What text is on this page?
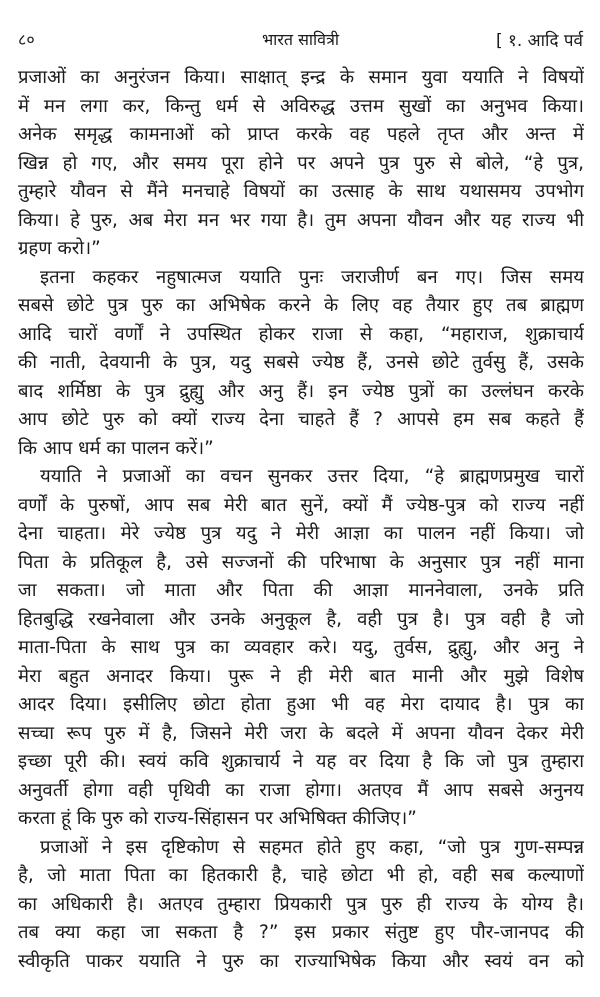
८०	भारत सावित्री	[ १. आदि पर्व
प्रजाओं का अनुरंजन किया। साक्षात् इन्द्र के समान युवा ययाति ने विषयों
में मन लगा कर, किन्तु धर्म से अविरुद्ध उत्तम सुखों का अनुभव किया।
अनेक समृद्ध कामनाओं को प्राप्त करके वह पहले तृप्त और अन्त में
खिन्न हो गए, और समय पूरा होने पर अपने पुत्र पुरु से बोले, “हे पुत्र,
तुम्हारे यौवन से मैंने मनचाहे विषयों का उत्साह के साथ यथासमय उपभोग
किया। हे पुरु, अब मेरा मन भर गया है। तुम अपना यौवन और यह राज्य भी
ग्रहण करो।”
इतना कहकर नहुषात्मज ययाति पुनः जराजीर्ण बन गए। जिस समय
सबसे छोटे पुत्र पुरु का अभिषेक करने के लिए वह तैयार हुए तब ब्राह्मण
आदि चारों वर्णों ने उपस्थित होकर राजा से कहा, “महाराज, शुक्राचार्य
की नाती, देवयानी के पुत्र, यदु सबसे ज्येष्ठ हैं, उनसे छोटे तुर्वसु हैं, उसके
बाद शर्मिष्ठा के पुत्र द्रुह्यु और अनु हैं। इन ज्येष्ठ पुत्रों का उल्लंघन करके
आप छोटे पुरु को क्यों राज्य देना चाहते हैं ? आपसे हम सब कहते हैं
कि आप धर्म का पालन करें।”
ययाति ने प्रजाओं का वचन सुनकर उत्तर दिया, “हे ब्राह्मणप्रमुख चारों
वर्णों के पुरुषों, आप सब मेरी बात सुनें, क्यों मैं ज्येष्ठ-पुत्र को राज्य नहीं
देना चाहता। मेरे ज्येष्ठ पुत्र यदु ने मेरी आज्ञा का पालन नहीं किया। जो
पिता के प्रतिकूल है, उसे सज्जनों की परिभाषा के अनुसार पुत्र नहीं माना
जा सकता। जो माता और पिता की आज्ञा माननेवाला, उनके प्रति
हितबुद्धि रखनेवाला और उनके अनुकूल है, वही पुत्र है। पुत्र वही है जो
माता-पिता के साथ पुत्र का व्यवहार करे। यदु, तुर्वस, द्रुह्यु, और अनु ने
मेरा बहुत अनादर किया। पुरू ने ही मेरी बात मानी और मुझे विशेष
आदर दिया। इसीलिए छोटा होता हुआ भी वह मेरा दायाद है। पुत्र का
सच्चा रूप पुरु में है, जिसने मेरी जरा के बदले में अपना यौवन देकर मेरी
इच्छा पूरी की। स्वयं कवि शुक्राचार्य ने यह वर दिया है कि जो पुत्र तुम्हारा
अनुवर्ती होगा वही पृथिवी का राजा होगा। अतएव मैं आप सबसे अनुनय
करता हूं कि पुरु को राज्य-सिंहासन पर अभिषिक्त कीजिए।”
प्रजाओं ने इस दृष्टिकोण से सहमत होते हुए कहा, “जो पुत्र गुण-सम्पन्न
है, जो माता पिता का हितकारी है, चाहे छोटा भी हो, वही सब कल्याणों
का अधिकारी है। अतएव तुम्हारा प्रियकारी पुत्र पुरु ही राज्य के योग्य है।
तब क्या कहा जा सकता है ?” इस प्रकार संतुष्ट हुए पौर-जानपद की
स्वीकृति पाकर ययाति ने पुरु का राज्याभिषेक किया और स्वयं वन को
